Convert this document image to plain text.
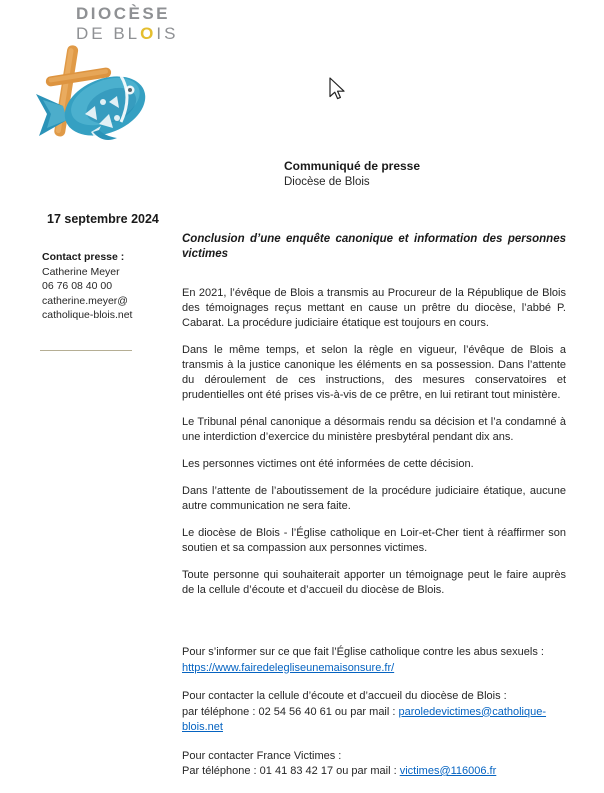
DIOCÈSE
DE BLOIS
Communiqué de presse
Diocèse de Blois
17 septembre 2024
Contact presse :
Catherine Meyer
06 76 08 40 00
catherine.meyer@
catholique-blois.net

Conclusion d’une enquête canonique et information des personnes victimes

En 2021, l’évêque de Blois a transmis au Procureur de la République de Blois des témoignages reçus mettant en cause un prêtre du diocèse, l’abbé P. Cabarat. La procédure judiciaire étatique est toujours en cours.

Dans le même temps, et selon la règle en vigueur, l’évêque de Blois a transmis à la justice canonique les éléments en sa possession. Dans l’attente du déroulement de ces instructions, des mesures conservatoires et prudentielles ont été prises vis-à-vis de ce prêtre, en lui retirant tout ministère.

Le Tribunal pénal canonique a désormais rendu sa décision et l’a condamné à une interdiction d’exercice du ministère presbytéral pendant dix ans.

Les personnes victimes ont été informées de cette décision.

Dans l’attente de l’aboutissement de la procédure judiciaire étatique, aucune autre communication ne sera faite.

Le diocèse de Blois - l’Église catholique en Loir-et-Cher tient à réaffirmer son soutien et sa compassion aux personnes victimes.

Toute personne qui souhaiterait apporter un témoignage peut le faire auprès de la cellule d’écoute et d’accueil du diocèse de Blois.

Pour s’informer sur ce que fait l’Église catholique contre les abus sexuels :
https://www.fairedelegliseunemaisonsure.fr/
Pour contacter la cellule d’écoute et d’accueil du diocèse de Blois :
par téléphone : 02 54 56 40 61 ou par mail : paroledevictimes@catholique-blois.net
Pour contacter France Victimes :
Par téléphone : 01 41 83 42 17 ou par mail : victimes@116006.fr
